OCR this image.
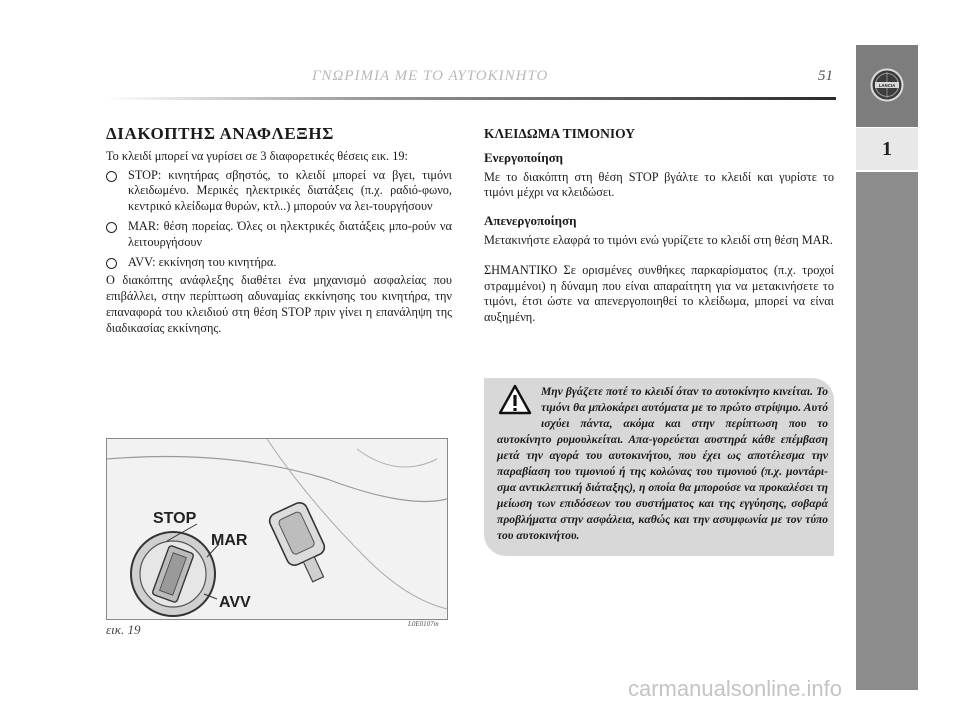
ΓΝΩΡΙΜΙΑ ΜΕ ΤΟ ΑΥΤΟΚΙΝΗΤΟ	51
LANCIA
1

ΔΙΑΚΟΠΤΗΣ ΑΝΑΦΛΕΞΗΣ

Το κλειδί μπορεί να γυρίσει σε 3 διαφορετικές θέσεις εικ. 19:

STOP: κινητήρας σβηστός, το κλειδί μπορεί να βγει, τιμόνι κλειδωμένο. Μερικές ηλεκτρικές διατάξεις (π.χ. ραδιό-φωνο, κεντρικό κλείδωμα θυρών, κτλ..) μπορούν να λει-τουργήσουν
MAR: θέση πορείας. Όλες οι ηλεκτρικές διατάξεις μπο-ρούν να λειτουργήσουν
AVV: εκκίνηση του κινητήρα.

Ο διακόπτης ανάφλεξης διαθέτει ένα μηχανισμό ασφαλείας που επιβάλλει, στην περίπτωση αδυναμίας εκκίνησης του κινητήρα, την επαναφορά του κλειδιού στη θέση STOP πριν γίνει η επανάληψη της διαδικασίας εκκίνησης.

STOP
MAR
AVV
εικ. 19	L0E0107m

ΚΛΕΙΔΩΜΑ ΤΙΜΟΝΙΟΥ

Ενεργοποίηση

Με το διακόπτη στη θέση STOP βγάλτε το κλειδί και γυρίστε το τιμόνι μέχρι να κλειδώσει.

Απενεργοποίηση

Μετακινήστε ελαφρά το τιμόνι ενώ γυρίζετε το κλειδί στη θέση MAR.

ΣΗΜΑΝΤΙΚΟ Σε ορισμένες συνθήκες παρκαρίσματος (π.χ. τροχοί στραμμένοι) η δύναμη που είναι απαραίτητη για να μετακινήσετε το τιμόνι, έτσι ώστε να απενεργοποιηθεί το κλείδωμα, μπορεί να είναι αυξημένη.

Μην βγάζετε ποτέ το κλειδί όταν το αυτοκίνητο κινείται. Το τιμόνι θα μπλοκάρει αυτόματα με το πρώτο στρίψιμο. Αυτό ισχύει πάντα, ακόμα και στην περίπτωση που το αυτοκίνητο ρυμουλκείται. Απα-γορεύεται αυστηρά κάθε επέμβαση μετά την αγορά του αυτοκινήτου, που έχει ως αποτέλεσμα την παραβίαση του τιμονιού ή της κολώνας του τιμονιού (π.χ. μοντάρι-σμα αντικλεπτική διάταξης), η οποία θα μπορούσε να προκαλέσει τη μείωση των επιδόσεων του συστήματος και της εγγύησης, σοβαρά προβλήματα στην ασφάλεια, καθώς και την ασυμφωνία με τον τύπο του αυτοκινήτου.
carmanualsonline.info
